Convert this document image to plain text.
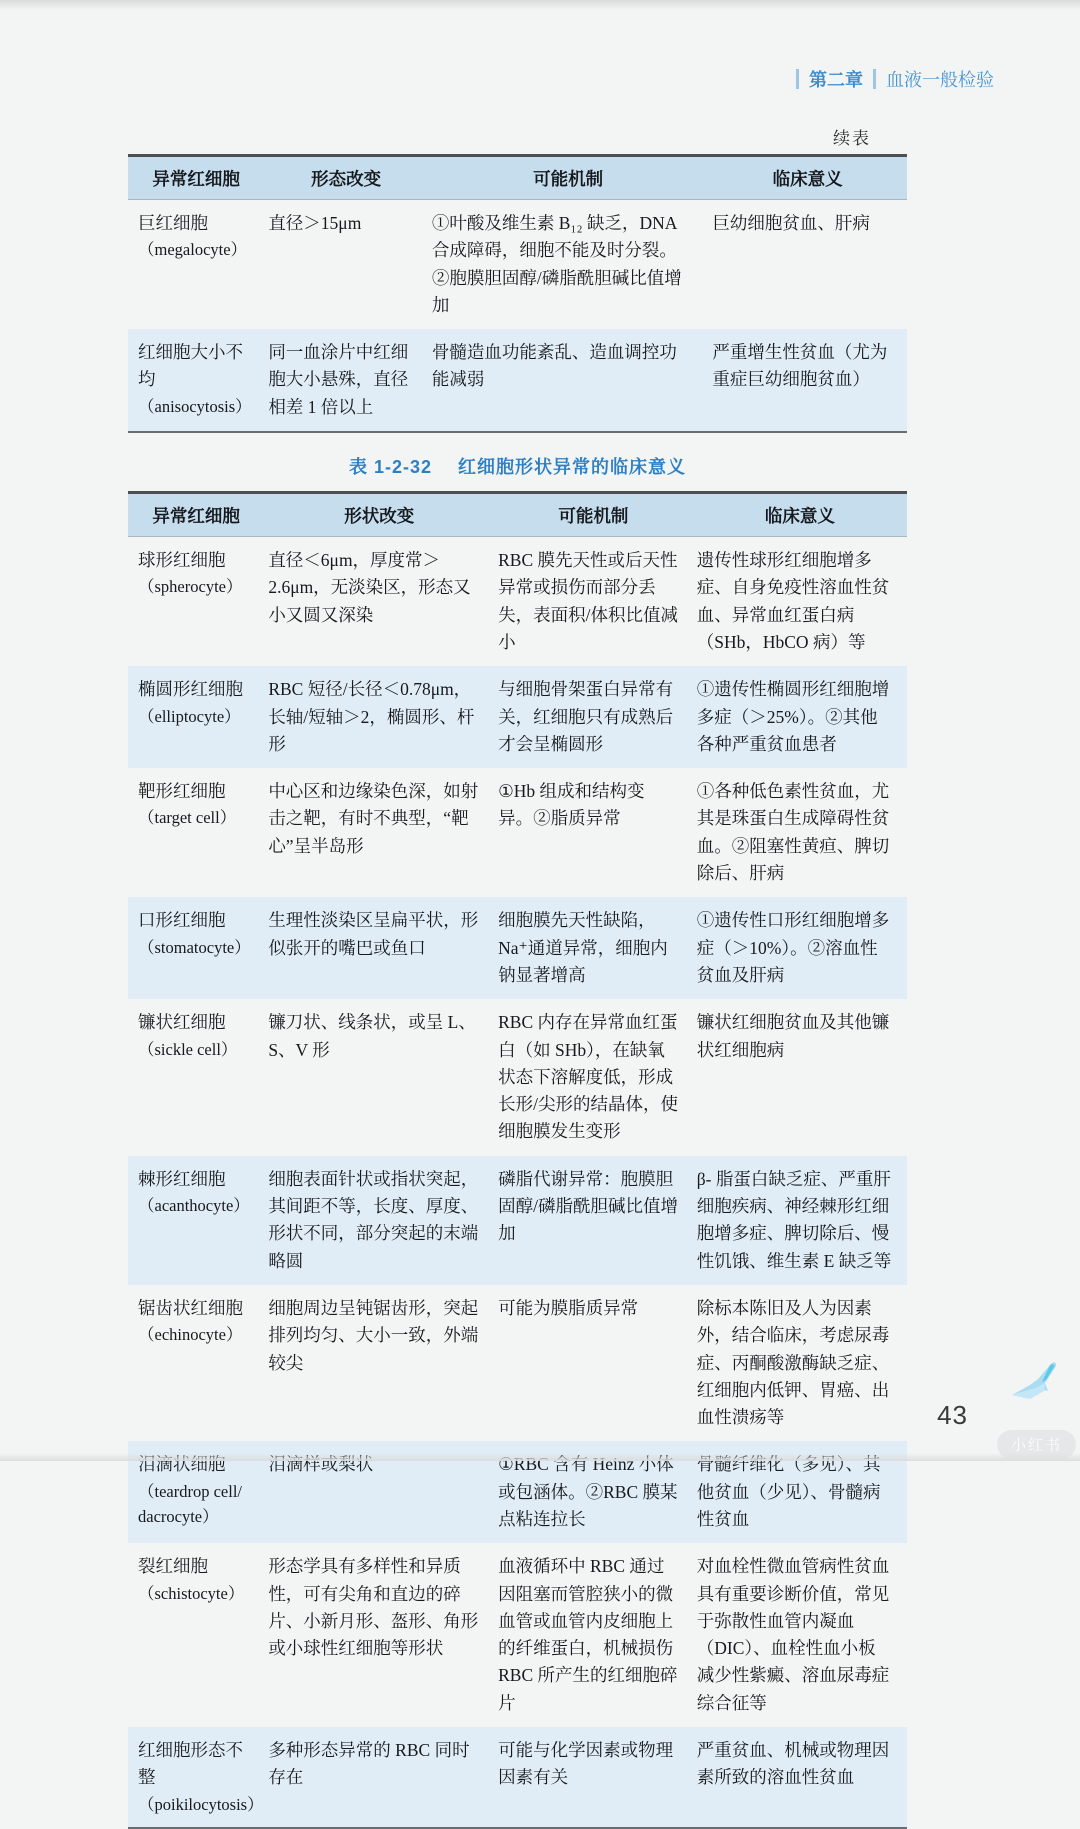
第二章 血液一般检验
续表
异常红细胞	形态改变	可能机制	临床意义
巨红细胞
（megalocyte）	直径＞15μm	①叶酸及维生素 B₁₂ 缺乏，DNA 合成障碍，细胞不能及时分裂。②胞膜胆固醇/磷脂酰胆碱比值增加	巨幼细胞贫血、肝病
红细胞大小不均
（anisocytosis）	同一血涂片中红细胞大小悬殊，直径相差 1 倍以上	骨髓造血功能紊乱、造血调控功能减弱	严重增生性贫血（尤为重症巨幼细胞贫血）
表 1-2-32 红细胞形状异常的临床意义
异常红细胞	形状改变	可能机制	临床意义
球形红细胞
（spherocyte）	直径＜6μm，厚度常＞2.6μm，无淡染区，形态又小又圆又深染	RBC 膜先天性或后天性异常或损伤而部分丢失，表面积/体积比值减小	遗传性球形红细胞增多症、自身免疫性溶血性贫血、异常血红蛋白病（SHb，HbCO 病）等
椭圆形红细胞
（elliptocyte）	RBC 短径/长径＜0.78μm，长轴/短轴＞2，椭圆形、杆形	与细胞骨架蛋白异常有关，红细胞只有成熟后才会呈椭圆形	①遗传性椭圆形红细胞增多症（＞25%）。②其他各种严重贫血患者
靶形红细胞
（target cell）	中心区和边缘染色深，如射击之靶，有时不典型，“靶心”呈半岛形	①Hb 组成和结构变异。②脂质异常	①各种低色素性贫血，尤其是珠蛋白生成障碍性贫血。②阻塞性黄疸、脾切除后、肝病
口形红细胞
（stomatocyte）	生理性淡染区呈扁平状，形似张开的嘴巴或鱼口	细胞膜先天性缺陷，Na⁺通道异常，细胞内钠显著增高	①遗传性口形红细胞增多症（＞10%）。②溶血性贫血及肝病
镰状红细胞
（sickle cell）	镰刀状、线条状，或呈 L、S、V 形	RBC 内存在异常血红蛋白（如 SHb），在缺氧状态下溶解度低，形成长形/尖形的结晶体，使细胞膜发生变形	镰状红细胞贫血及其他镰状红细胞病
棘形红细胞
（acanthocyte）	细胞表面针状或指状突起，其间距不等，长度、厚度、形状不同，部分突起的末端略圆	磷脂代谢异常：胞膜胆固醇/磷脂酰胆碱比值增加	β- 脂蛋白缺乏症、严重肝细胞疾病、神经棘形红细胞增多症、脾切除后、慢性饥饿、维生素 E 缺乏等
锯齿状红细胞
（echinocyte）	细胞周边呈钝锯齿形，突起排列均匀、大小一致，外端较尖	可能为膜脂质异常	除标本陈旧及人为因素外，结合临床，考虑尿毒症、丙酮酸激酶缺乏症、红细胞内低钾、胃癌、出血性溃疡等
泪滴状细胞
（teardrop cell/ dacrocyte）	泪滴样或梨状	①RBC 含有 Heinz 小体或包涵体。②RBC 膜某点粘连拉长	骨髓纤维化（多见）、其他贫血（少见）、骨髓病性贫血
裂红细胞
（schistocyte）	形态学具有多样性和异质性，可有尖角和直边的碎片、小新月形、盔形、角形或小球性红细胞等形状	血液循环中 RBC 通过因阻塞而管腔狭小的微血管或血管内皮细胞上的纤维蛋白，机械损伤 RBC 所产生的红细胞碎片	对血栓性微血管病性贫血具有重要诊断价值，常见于弥散性血管内凝血（DIC）、血栓性血小板减少性紫癜、溶血尿毒症综合征等
红细胞形态不整
（poikilocytosis）	多种形态异常的 RBC 同时存在	可能与化学因素或物理因素有关	严重贫血、机械或物理因素所致的溶血性贫血
43
小红书
